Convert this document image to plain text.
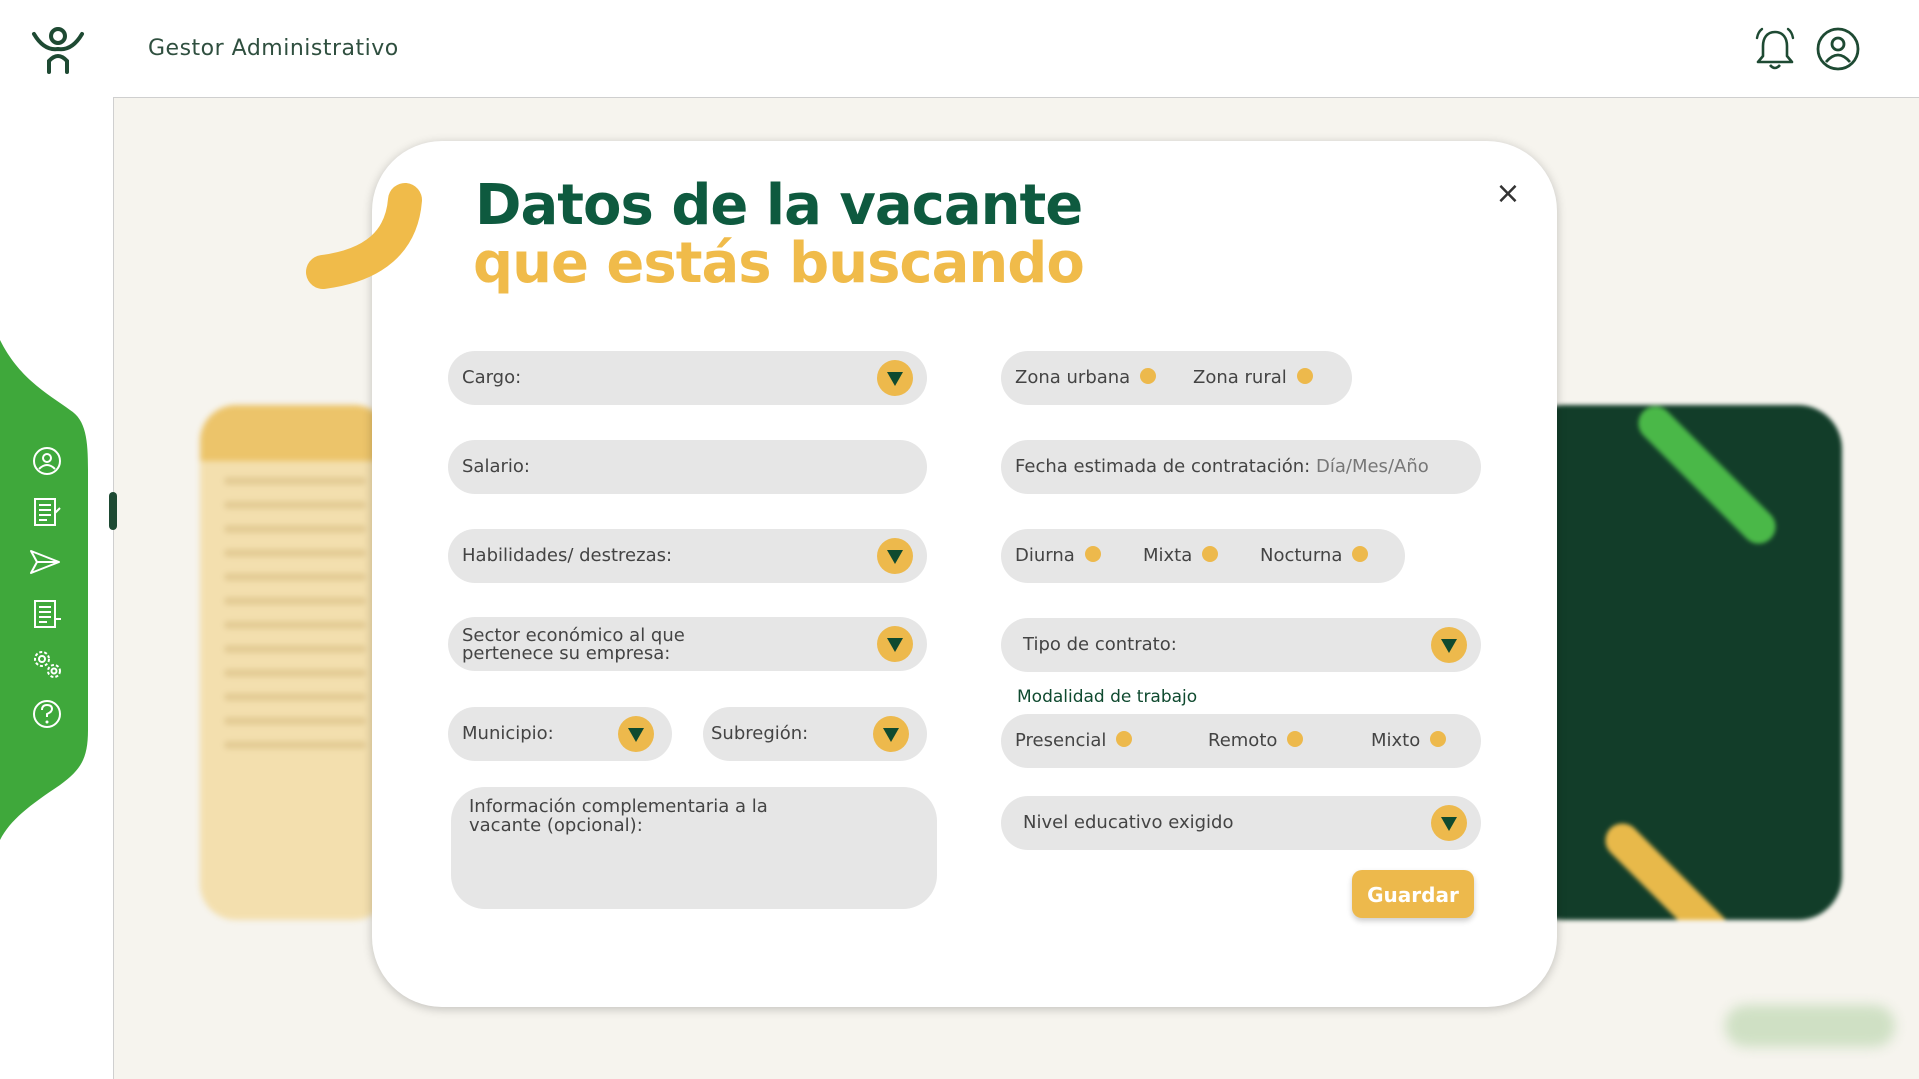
Gestor Administrativo
Datos de la vacante
que estás buscando
×
Cargo:
Salario:
Habilidades/ destrezas:
Sector económico al que pertenece su empresa:
Municipio:	Subregión:
Información complementaria a la vacante (opcional):
Zona urbana	Zona rural
Fecha estimada de contratación: Día/Mes/Año
Diurna	Mixta	Nocturna
Tipo de contrato:
Modalidad de trabajo
Presencial	Remoto	Mixto
Nivel educativo exigido
Guardar
